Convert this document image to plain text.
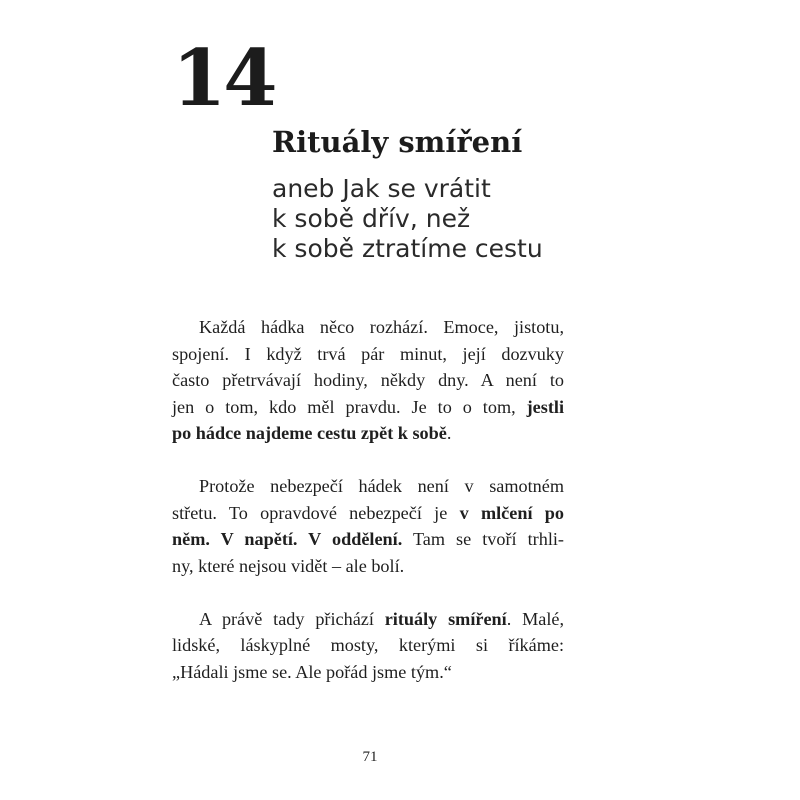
14
Rituály smíření
aneb Jak se vrátit
k sobě dřív, než
k sobě ztratíme cestu
Každá hádka něco rozhází. Emoce, jistotu,
spojení. I když trvá pár minut, její dozvuky
často přetrvávají hodiny, někdy dny. A není to
jen o tom, kdo měl pravdu. Je to o tom, jestli
po hádce najdeme cestu zpět k sobě.
Protože nebezpečí hádek není v samotném
střetu. To opravdové nebezpečí je v mlčení po
něm. V napětí. V oddělení. Tam se tvoří trhli-
ny, které nejsou vidět – ale bolí.
A právě tady přichází rituály smíření. Malé,
lidské, láskyplné mosty, kterými si říkáme:
„Hádali jsme se. Ale pořád jsme tým.“
71
